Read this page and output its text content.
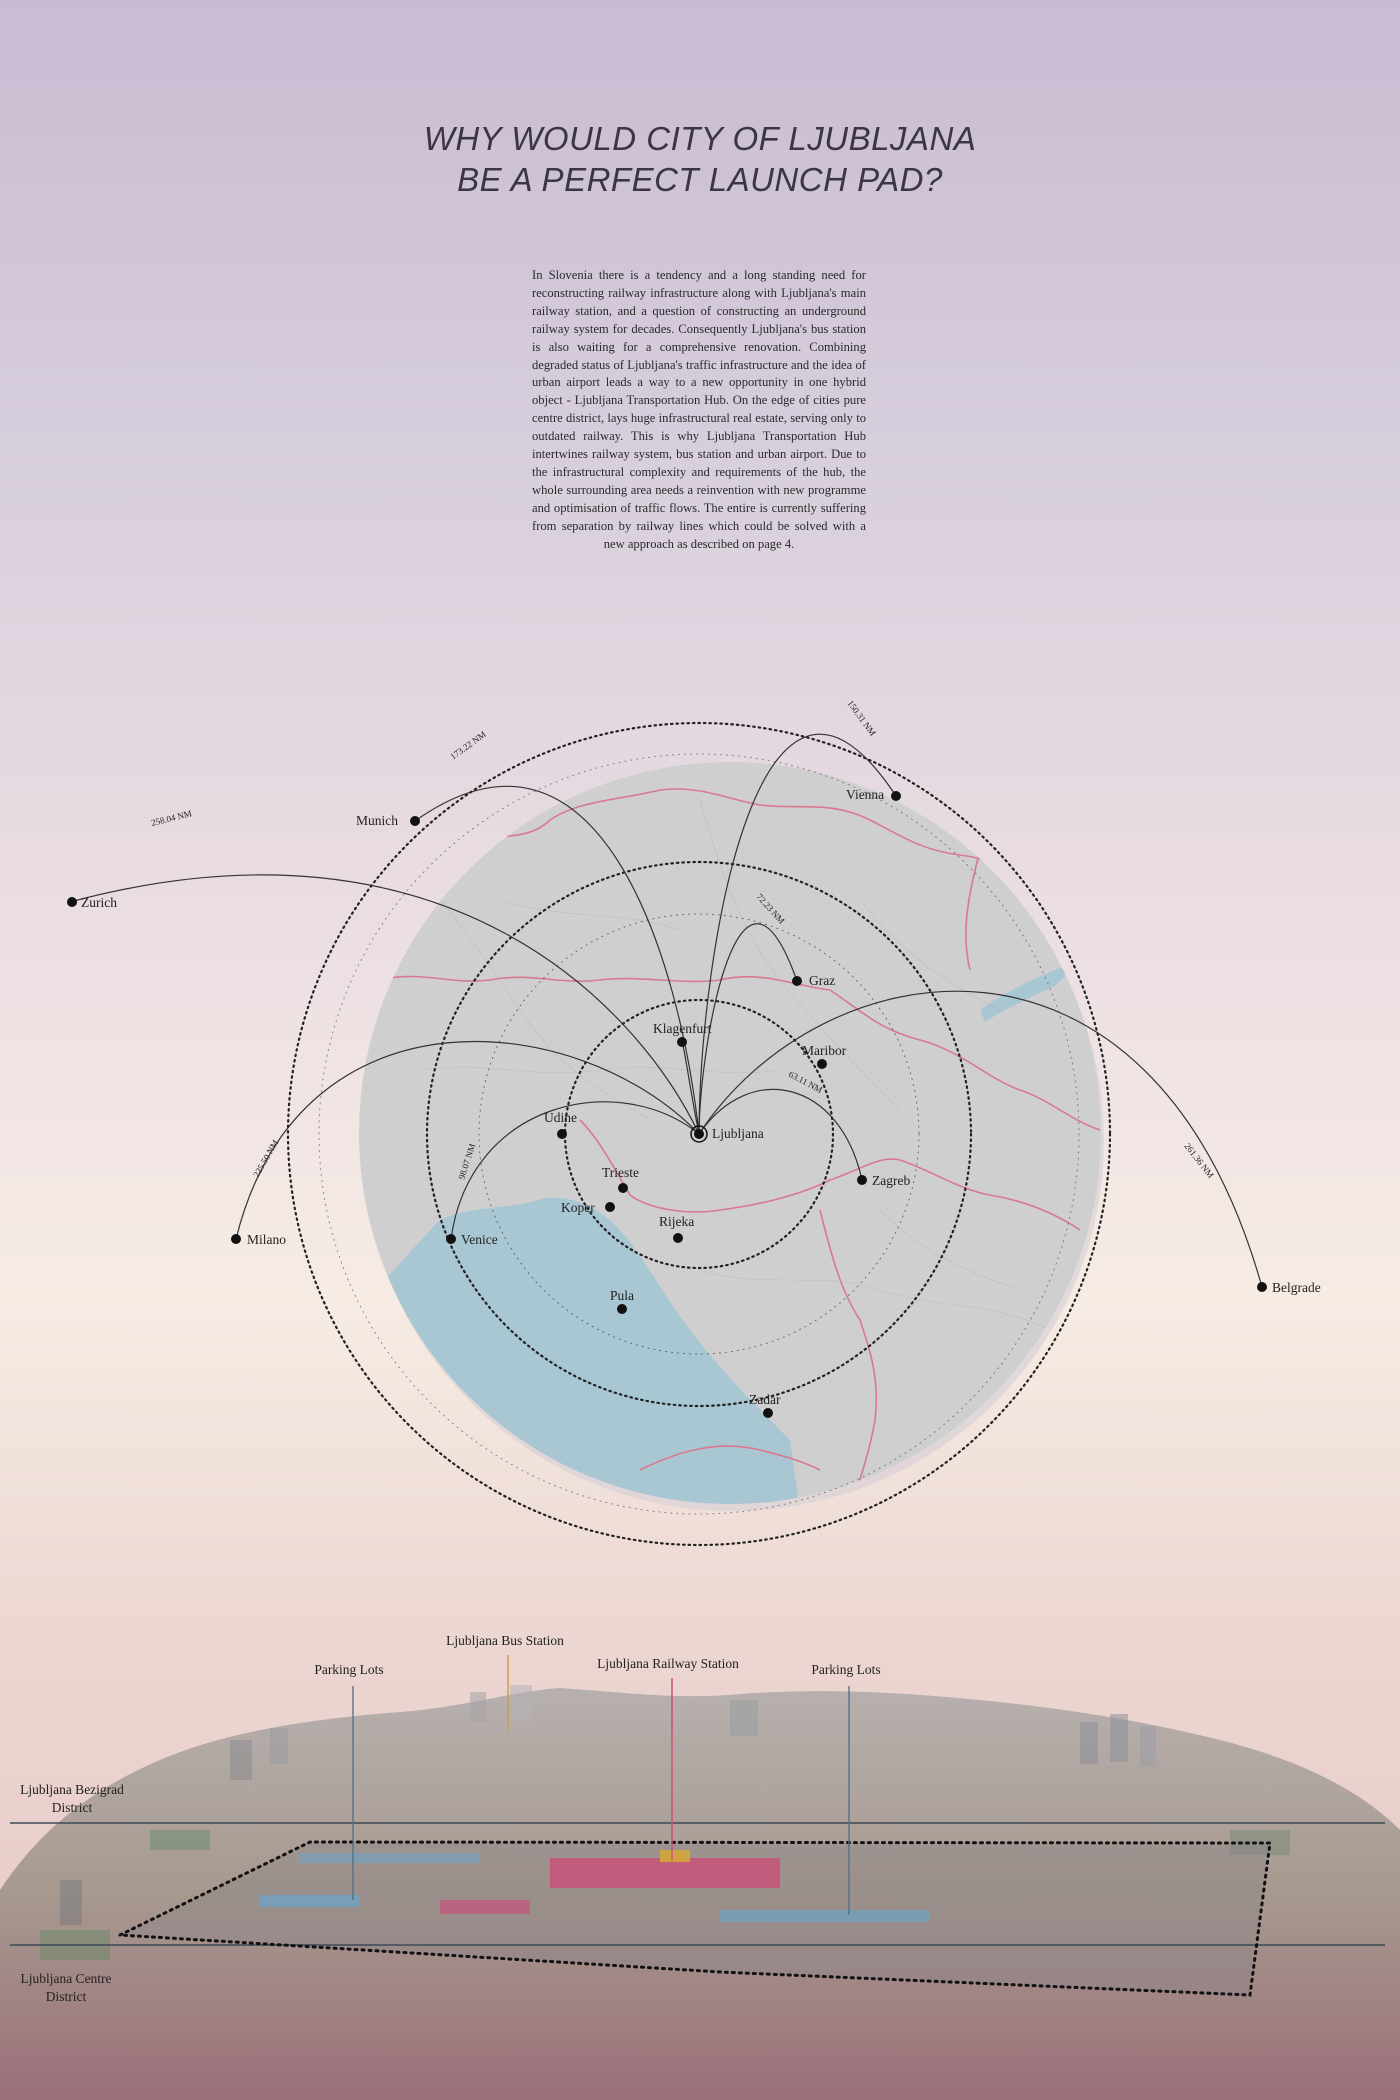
WHY WOULD CITY OF LJUBLJANA
BE A PERFECT LAUNCH PAD?
In Slovenia there is a tendency and a long standing need for reconstructing railway infrastructure along with Ljubljana's main railway station, and a question of constructing an underground railway system for decades. Consequently Ljubljana's bus station is also waiting for a comprehensive renovation. Combining degraded status of Ljubljana's traffic infrastructure and the idea of urban airport leads a way to a new opportunity in one hybrid object - Ljubljana Transportation Hub. On the edge of cities pure centre district, lays huge infrastructural real estate, serving only to outdated railway. This is why Ljubljana Transportation Hub intertwines railway system, bus station and urban airport. Due to the infrastructural complexity and requirements of the hub, the whole surrounding area needs a reinvention with new programme and optimisation of traffic flows. The entire is currently suffering from separation by railway lines which could be solved with a new approach as described on page 4.
258.04 NM
173.22 NM
150.31 NM
72.23 NM
63.11 NM
98.07 NM
225.50 NM	261.36 NM
Zurich
Munich
Vienna
Graz
Klagenfurt
Maribor
Udine
Trieste
Koper
Rijeka
Zagreb
Venice
Milano
Pula
Zadar
Belgrade
Ljubljana
Ljubljana Bus Station
Ljubljana Railway Station
Parking Lots	Parking Lots
Ljubljana Bezigrad
District
Ljubljana Centre
District
